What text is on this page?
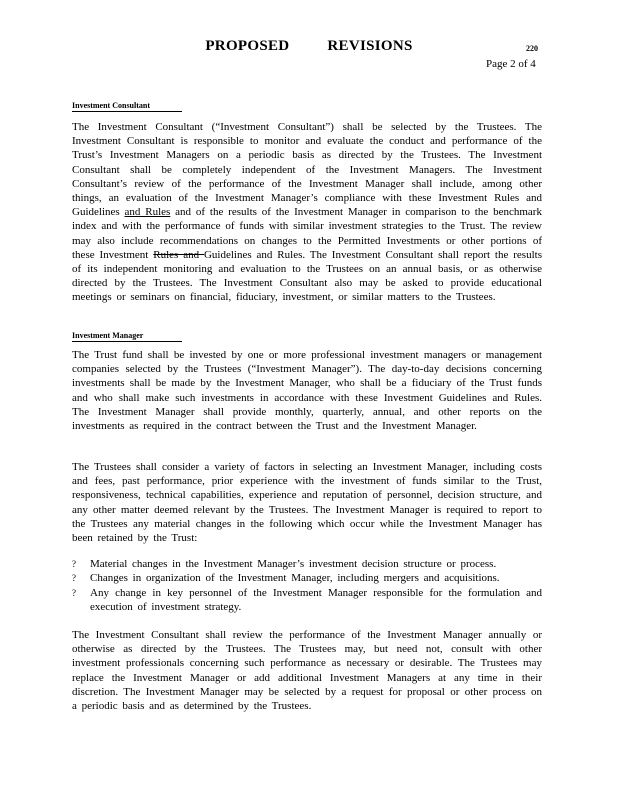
PROPOSED	REVISIONS	220
Page 2 of 4
Investment Consultant
The Investment Consultant (“Investment Consultant”) shall be selected by the Trustees. The Investment Consultant is responsible to monitor and evaluate the conduct and performance of the Trust’s Investment Managers on a periodic basis as directed by the Trustees. The Investment Consultant shall be completely independent of the Investment Managers. The Investment Consultant’s review of the performance of the Investment Manager shall include, among other things, an evaluation of the Investment Manager’s compliance with these Investment Rules and Guidelines and Rules and of the results of the Investment Manager in comparison to the benchmark index and with the performance of funds with similar investment strategies to the Trust. The review may also include recommendations on changes to the Permitted Investments or other portions of these Investment Rules and Guidelines and Rules. The Investment Consultant shall report the results of its independent monitoring and evaluation to the Trustees on an annual basis, or as otherwise directed by the Trustees. The Investment Consultant also may be asked to provide educational meetings or seminars on financial, fiduciary, investment, or similar matters to the Trustees.
Investment Manager
The Trust fund shall be invested by one or more professional investment managers or management companies selected by the Trustees (“Investment Manager”). The day-to-day decisions concerning investments shall be made by the Investment Manager, who shall be a fiduciary of the Trust funds and who shall make such investments in accordance with these Investment Guidelines and Rules. The Investment Manager shall provide monthly, quarterly, annual, and other reports on the investments as required in the contract between the Trust and the Investment Manager.
The Trustees shall consider a variety of factors in selecting an Investment Manager, including costs and fees, past performance, prior experience with the investment of funds similar to the Trust, responsiveness, technical capabilities, experience and reputation of personnel, decision structure, and any other matter deemed relevant by the Trustees. The Investment Manager is required to report to the Trustees any material changes in the following which occur while the Investment Manager has been retained by the Trust:
? Material changes in the Investment Manager’s investment decision structure or process.
? Changes in organization of the Investment Manager, including mergers and acquisitions.
? Any change in key personnel of the Investment Manager responsible for the formulation and execution of investment strategy.
The Investment Consultant shall review the performance of the Investment Manager annually or otherwise as directed by the Trustees. The Trustees may, but need not, consult with other investment professionals concerning such performance as necessary or desirable. The Trustees may replace the Investment Manager or add additional Investment Managers at any time in their discretion. The Investment Manager may be selected by a request for proposal or other process on a periodic basis and as determined by the Trustees.
